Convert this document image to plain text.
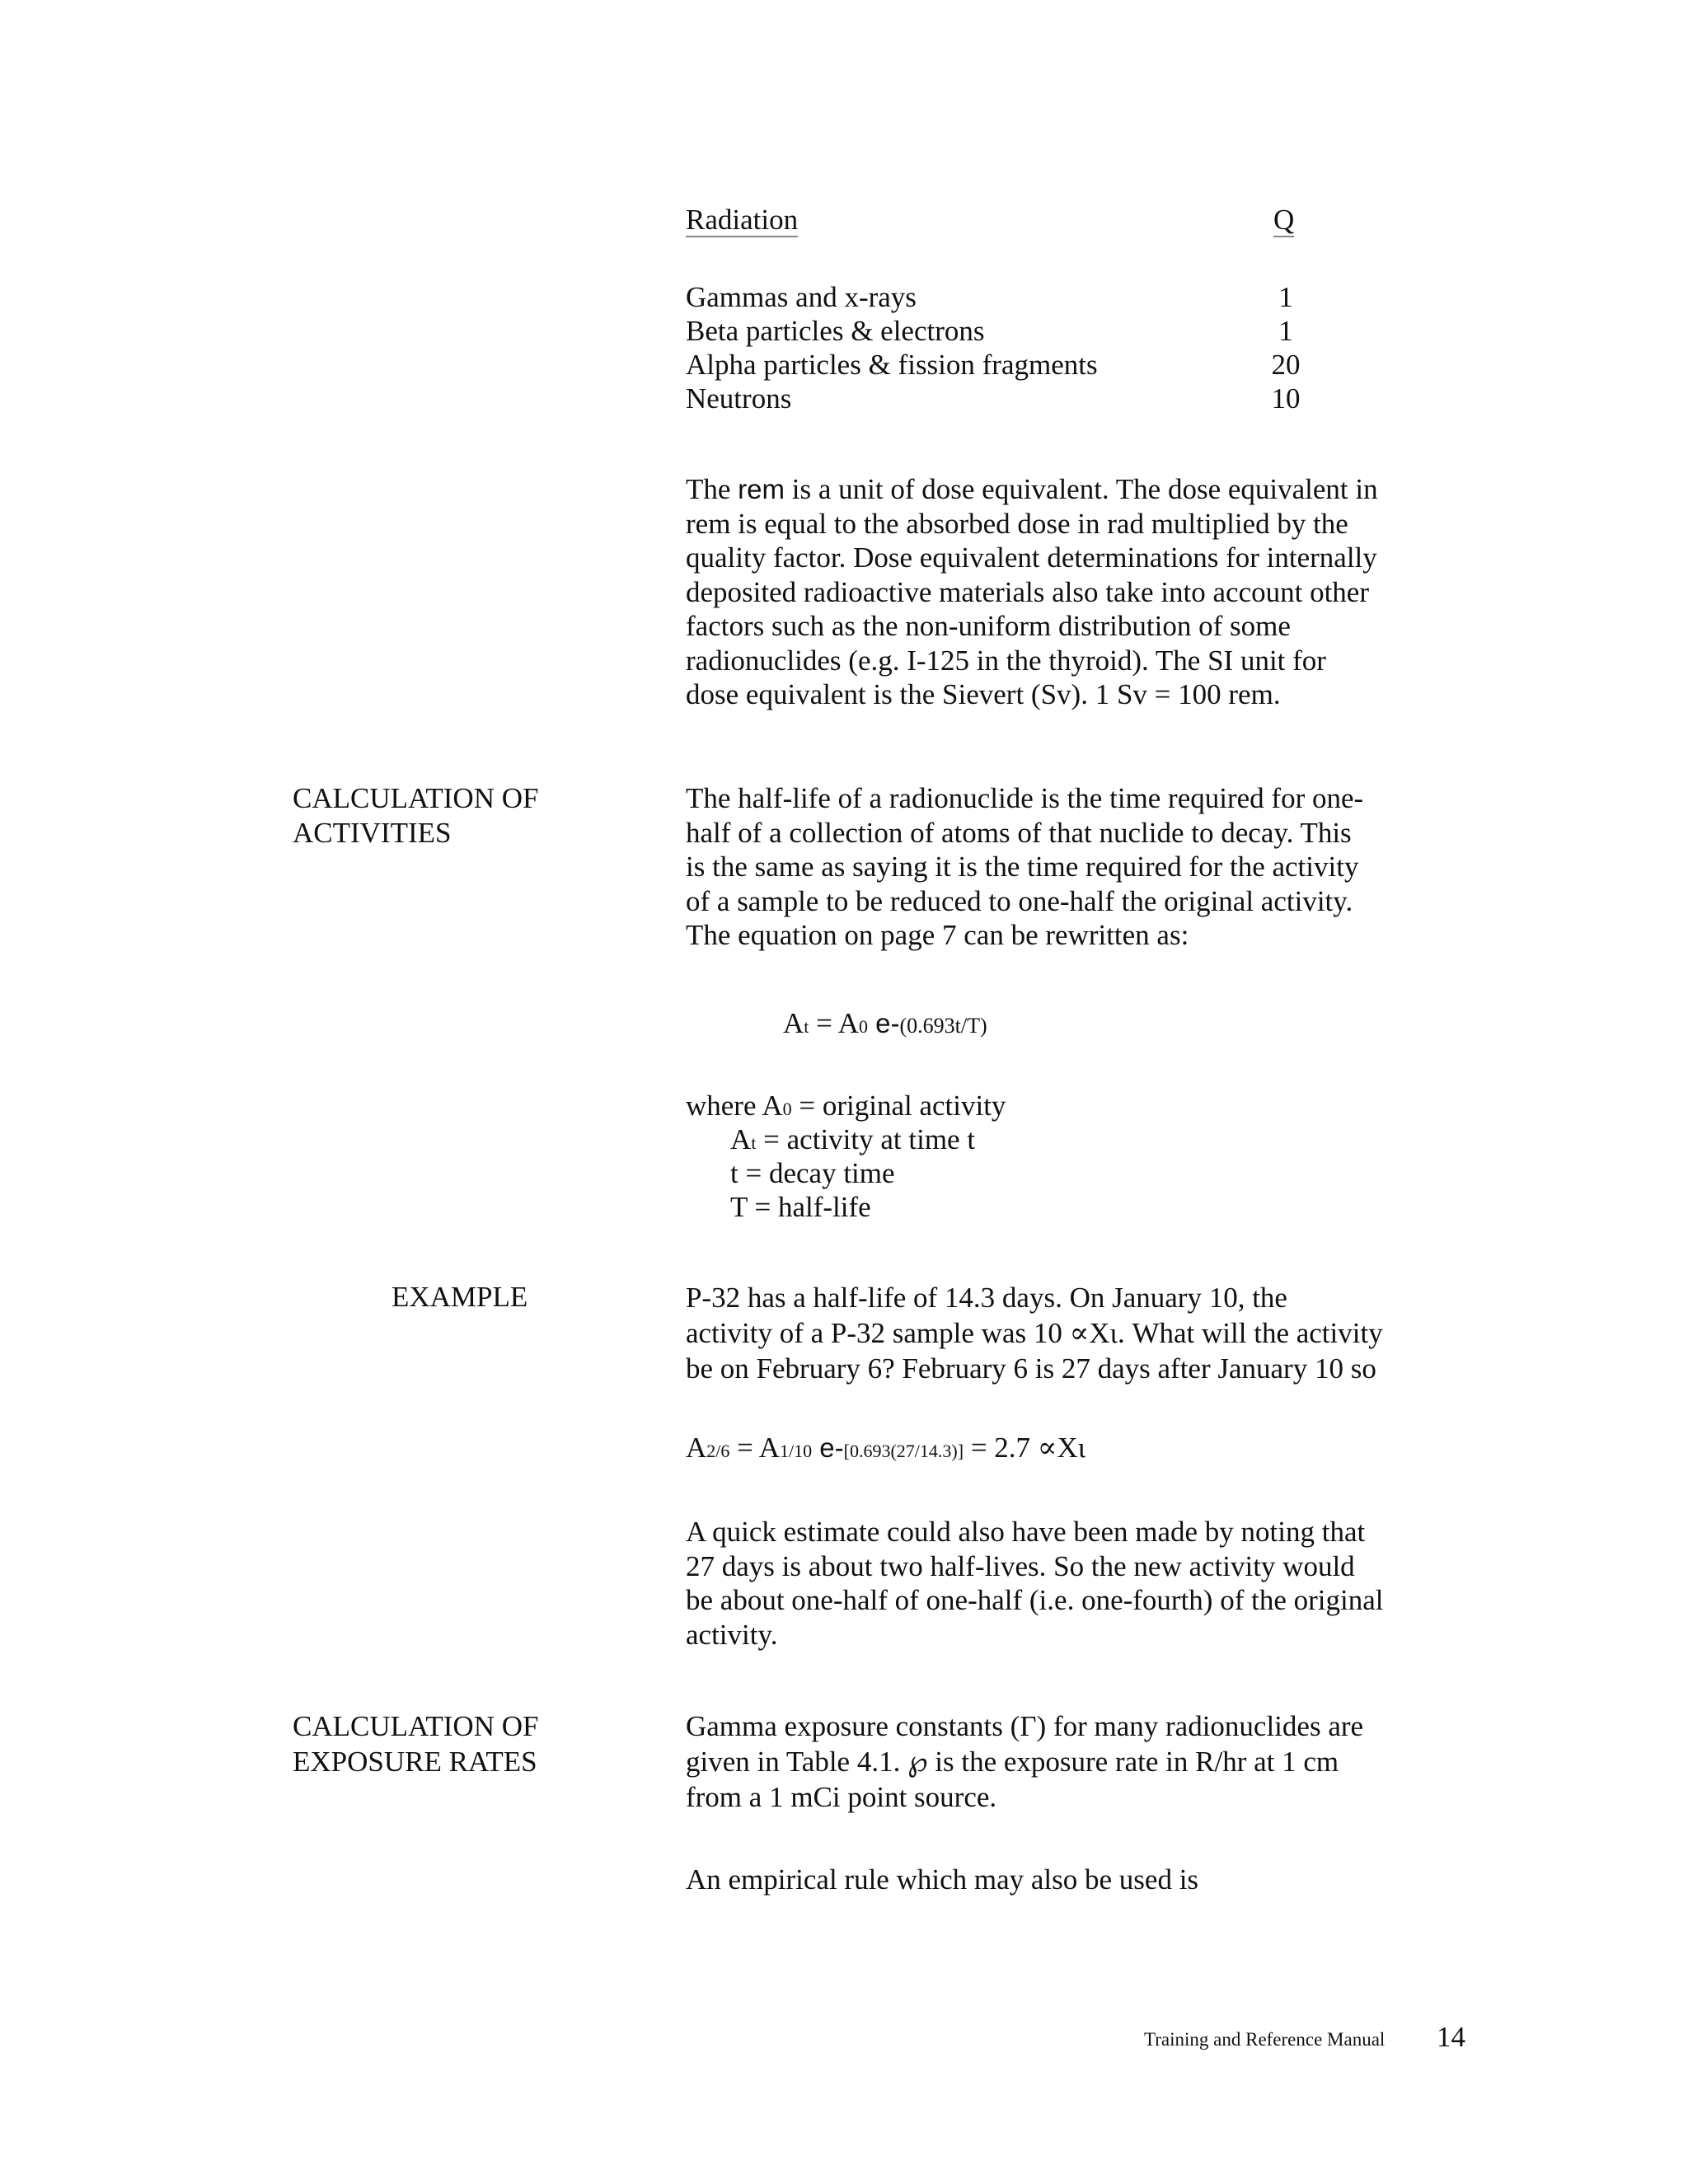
Radiation	Q
Gammas and x-rays	1
Beta particles & electrons	1
Alpha particles & fission fragments	20
Neutrons	10
The rem is a unit of dose equivalent. The dose equivalent in
rem is equal to the absorbed dose in rad multiplied by the
quality factor. Dose equivalent determinations for internally
deposited radioactive materials also take into account other
factors such as the non-uniform distribution of some
radionuclides (e.g. I-125 in the thyroid). The SI unit for
dose equivalent is the Sievert (Sv). 1 Sv = 100 rem.
CALCULATION OF
ACTIVITIES
The half-life of a radionuclide is the time required for one-
half of a collection of atoms of that nuclide to decay. This
is the same as saying it is the time required for the activity
of a sample to be reduced to one-half the original activity.
The equation on page 7 can be rewritten as:
At = A0 e-(0.693t/T)
where A0 = original activity
At = activity at time t
t = decay time
T = half-life
EXAMPLE	P-32 has a half-life of 14.3 days. On January 10, the
activity of a P-32 sample was 10 ∝Xι. What will the activity
be on February 6? February 6 is 27 days after January 10 so
A2/6 = A1/10 e-[0.693(27/14.3)] = 2.7 ∝Xι
A quick estimate could also have been made by noting that
27 days is about two half-lives. So the new activity would
be about one-half of one-half (i.e. one-fourth) of the original
activity.
CALCULATION OF
EXPOSURE RATES
Gamma exposure constants (Γ) for many radionuclides are
given in Table 4.1. ℘ is the exposure rate in R/hr at 1 cm
from a 1 mCi point source.
An empirical rule which may also be used is
Training and Reference Manual 14
